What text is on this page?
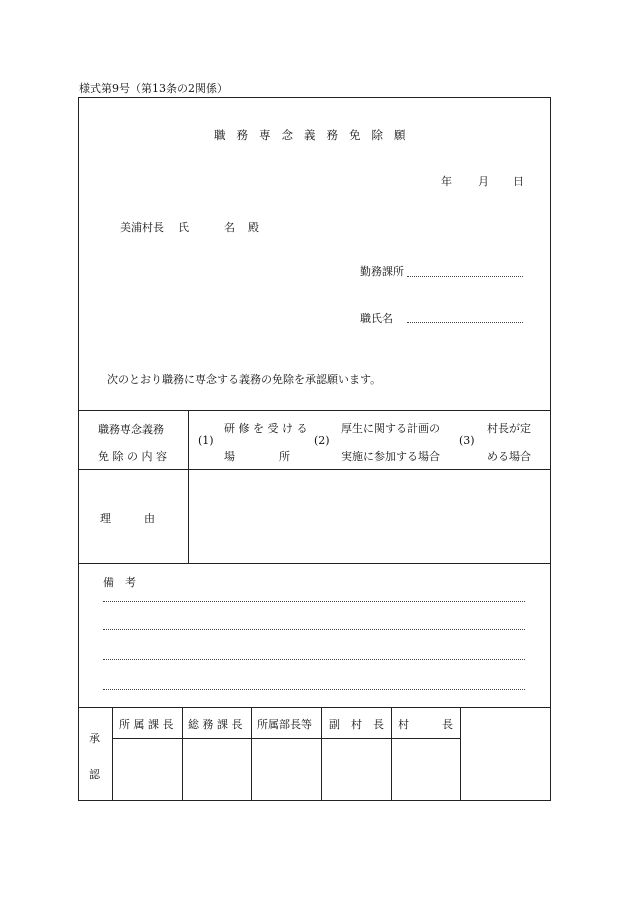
様式第9号（第13条の2関係）
職務専念義務免除願
年 月 日
美浦村長 氏	名 殿
勤務課所
職氏名
次のとおり職務に専念する義務の免除を承認願います。
職務専念義務
免 除 の 内 容
(1)
研 修 を 受 け る
場　　　　所
(2)
厚生に関する計画の
実施に参加する場合
(3)
村長が定
める場合
理　　　由
備　考
承
認
所 属 課 長 総 務 課 長 所属部長等 副　村　長 村　　　長
